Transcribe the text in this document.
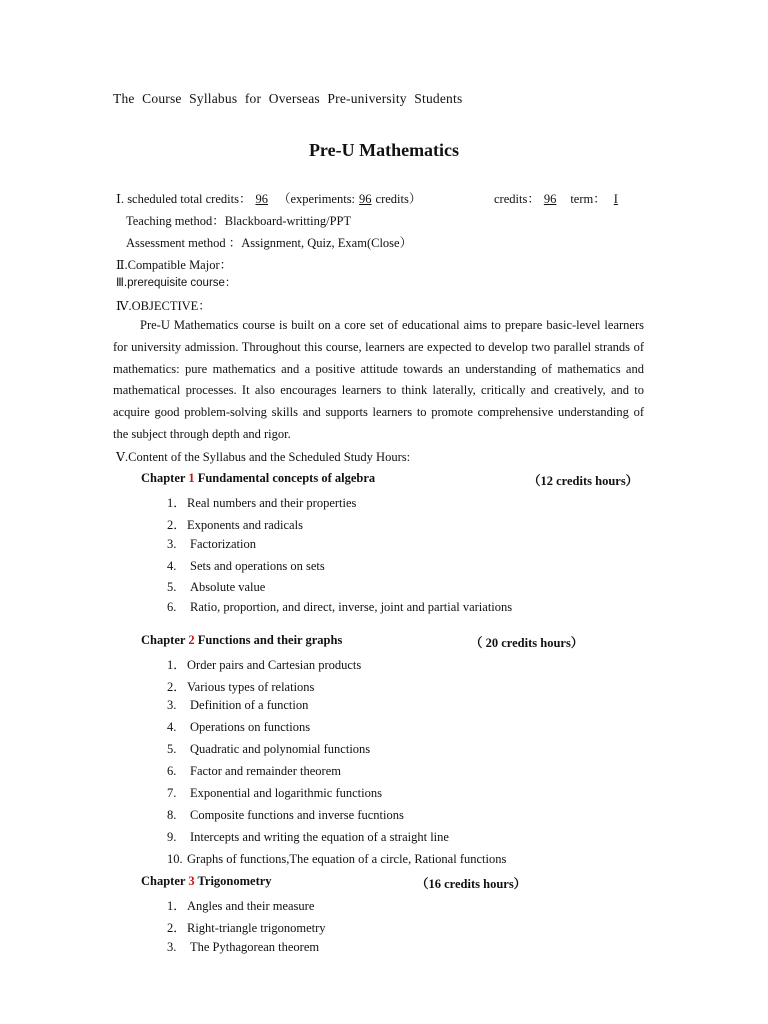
The Course Syllabus for Overseas Pre-university Students
Pre-U Mathematics
Ⅰ. scheduled total credits： 96 （experiments: 96 credits）	credits： 96 term： I
Teaching method：Blackboard-writting/PPT
Assessment method ：Assignment, Quiz, Exam(Close）
Ⅱ.Compatible Major：
Ⅲ.prerequisite course：
Ⅳ.OBJECTIVE：
Pre-U Mathematics course is built on a core set of educational aims to prepare basic-level learners for university admission. Throughout this course, learners are expected to develop two parallel strands of mathematics: pure mathematics and a positive attitude towards an understanding of mathematics and mathematical processes. It also encourages learners to think laterally, critically and creatively, and to acquire good problem-solving skills and supports learners to promote comprehensive understanding of the subject through depth and rigor.
Ⅴ.Content of the Syllabus and the Scheduled Study Hours:
Chapter 1 Fundamental concepts of algebra	（12 credits hours）
1．Real numbers and their properties
2．Exponents and radicals
3. Factorization
4. Sets and operations on sets
5. Absolute value
6. Ratio, proportion, and direct, inverse, joint and partial variations
Chapter 2 Functions and their graphs	（ 20 credits hours）
1．Order pairs and Cartesian products
2．Various types of relations
3. Definition of a function
4. Operations on functions
5. Quadratic and polynomial functions
6. Factor and remainder theorem
7. Exponential and logarithmic functions
8. Composite functions and inverse fucntions
9. Intercepts and writing the equation of a straight line
10. Graphs of functions,The equation of a circle, Rational functions
Chapter 3 Trigonometry	（16 credits hours）
1．Angles and their measure
2．Right-triangle trigonometry
3. The Pythagorean theorem
